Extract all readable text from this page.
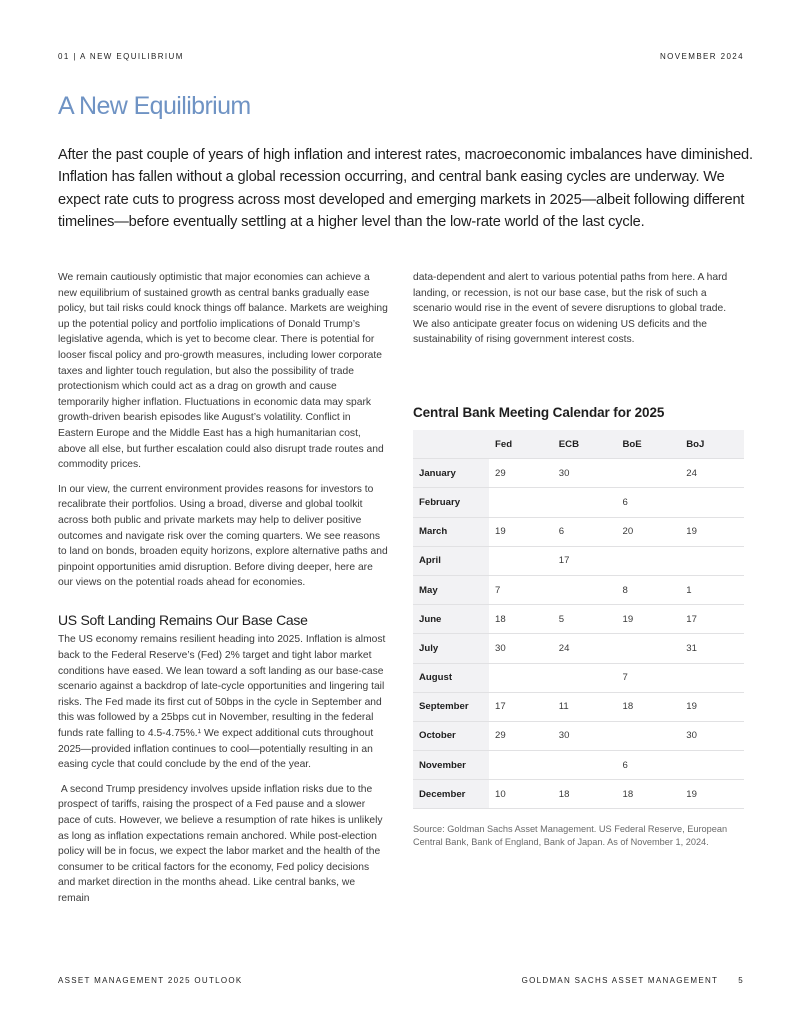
01 | A NEW EQUILIBRIUM	NOVEMBER 2024
A New Equilibrium

After the past couple of years of high inflation and interest rates, macroeconomic imbalances have diminished. Inflation has fallen without a global recession occurring, and central bank easing cycles are underway. We expect rate cuts to progress across most developed and emerging markets in 2025—albeit following different timelines—before eventually settling at a higher level than the low-rate world of the last cycle.

We remain cautiously optimistic that major economies can achieve a new equilibrium of sustained growth as central banks gradually ease policy, but tail risks could knock things off balance. Markets are weighing up the potential policy and portfolio implications of Donald Trump’s legislative agenda, which is yet to become clear. There is potential for looser fiscal policy and pro-growth measures, including lower corporate taxes and lighter touch regulation, but also the possibility of trade protectionism which could act as a drag on growth and cause temporarily higher inflation. Fluctuations in economic data may spark growth-driven bearish episodes like August’s volatility. Conflict in Eastern Europe and the Middle East has a high humanitarian cost, above all else, but further escalation could also disrupt trade routes and commodity prices.

In our view, the current environment provides reasons for investors to recalibrate their portfolios. Using a broad, diverse and global toolkit across both public and private markets may help to deliver positive outcomes and navigate risk over the coming quarters. We see reasons to land on bonds, broaden equity horizons, explore alternative paths and pinpoint opportunities amid disruption. Before diving deeper, here are our views on the potential roads ahead for economies.

US Soft Landing Remains Our Base Case

The US economy remains resilient heading into 2025. Inflation is almost back to the Federal Reserve’s (Fed) 2% target and tight labor market conditions have eased. We lean toward a soft landing as our base-case scenario against a backdrop of late-cycle opportunities and lingering tail risks. The Fed made its first cut of 50bps in the cycle in September and this was followed by a 25bps cut in November, resulting in the federal funds rate falling to 4.5-4.75%.¹ We expect additional cuts throughout 2025—provided inflation continues to cool—potentially resulting in an easing cycle that could conclude by the end of the year.

A second Trump presidency involves upside inflation risks due to the prospect of tariffs, raising the prospect of a Fed pause and a slower pace of cuts. However, we believe a resumption of rate hikes is unlikely as long as inflation expectations remain anchored. While post-election policy will be in focus, we expect the labor market and the health of the consumer to be critical factors for the economy, Fed policy decisions and market direction in the months ahead. Like central banks, we remain

data-dependent and alert to various potential paths from here. A hard landing, or recession, is not our base case, but the risk of such a scenario would rise in the event of severe disruptions to global trade. We also anticipate greater focus on widening US deficits and the sustainability of rising government interest costs.

Central Bank Meeting Calendar for 2025
	Fed	ECB	BoE	BoJ
January	29	30		24
February			6	
March	19	6	20	19
April		17		
May	7		8	1
June	18	5	19	17
July	30	24		31
August			7	
September	17	11	18	19
October	29	30		30
November			6	
December	10	18	18	19

Source: Goldman Sachs Asset Management. US Federal Reserve, European Central Bank, Bank of England, Bank of Japan. As of November 1, 2024.

ASSET MANAGEMENT 2025 OUTLOOK	GOLDMAN SACHS ASSET MANAGEMENT	5
